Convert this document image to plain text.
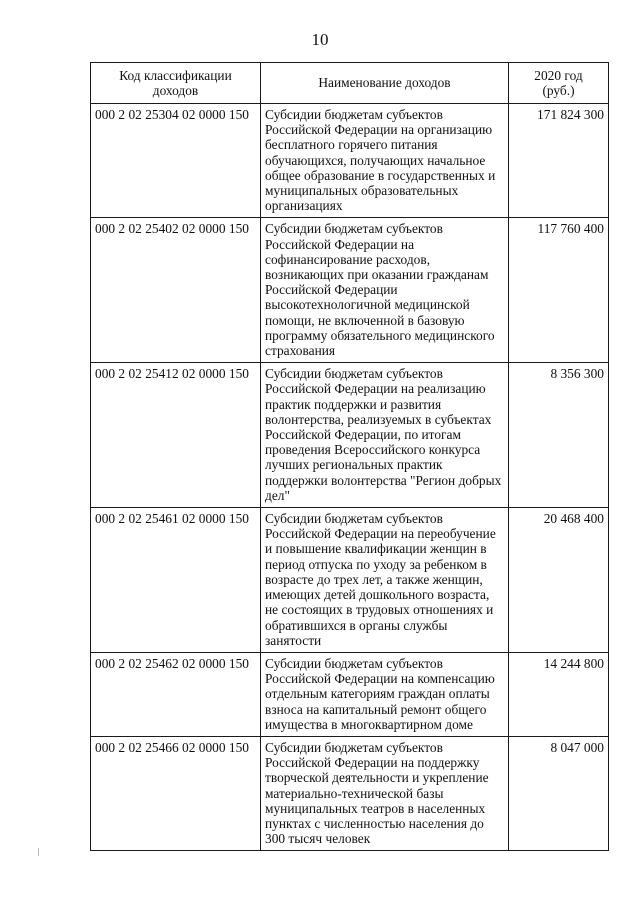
10
Код классификации доходов	Наименование доходов	2020 год
(руб.)

000 2 02 25304 02 0000 150	Субсидии бюджетам субъектов Российской Федерации на организацию бесплатного горячего питания обучающихся, получающих начальное общее образование в государственных и муниципальных образовательных организациях	171 824 300
000 2 02 25402 02 0000 150	Субсидии бюджетам субъектов Российской Федерации на софинансирование расходов, возникающих при оказании гражданам Российской Федерации высокотехнологичной медицинской помощи, не включенной в базовую программу обязательного медицинского страхования	117 760 400
000 2 02 25412 02 0000 150	Субсидии бюджетам субъектов Российской Федерации на реализацию практик поддержки и развития волонтерства, реализуемых в субъектах Российской Федерации, по итогам проведения Всероссийского конкурса лучших региональных практик поддержки волонтерства "Регион добрых дел"	8 356 300
000 2 02 25461 02 0000 150	Субсидии бюджетам субъектов Российской Федерации на переобучение и повышение квалификации женщин в период отпуска по уходу за ребенком в возрасте до трех лет, а также женщин, имеющих детей дошкольного возраста, не состоящих в трудовых отношениях и обратившихся в органы службы занятости	20 468 400
000 2 02 25462 02 0000 150	Субсидии бюджетам субъектов Российской Федерации на компенсацию отдельным категориям граждан оплаты взноса на капитальный ремонт общего имущества в многоквартирном доме	14 244 800
000 2 02 25466 02 0000 150	Субсидии бюджетам субъектов Российской Федерации на поддержку творческой деятельности и укрепление материально-технической базы муниципальных театров в населенных пунктах с численностью населения до 300 тысяч человек	8 047 000
